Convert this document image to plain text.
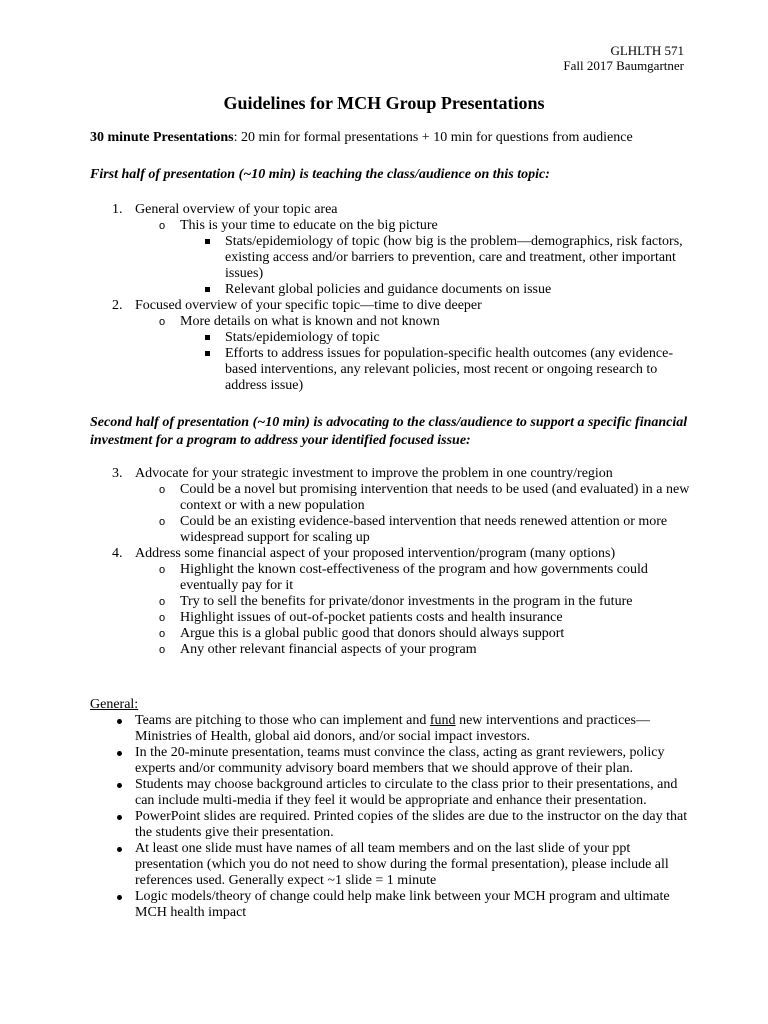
GLHLTH 571
Fall 2017 Baumgartner
Guidelines for MCH Group Presentations
30 minute Presentations: 20 min for formal presentations + 10 min for questions from audience
First half of presentation (~10 min) is teaching the class/audience on this topic:
1. General overview of your topic area
o This is your time to educate on the big picture
Stats/epidemiology of topic (how big is the problem—demographics, risk factors, existing access and/or barriers to prevention, care and treatment, other important issues)
Relevant global policies and guidance documents on issue
2. Focused overview of your specific topic—time to dive deeper
o More details on what is known and not known
Stats/epidemiology of topic
Efforts to address issues for population-specific health outcomes (any evidence-based interventions, any relevant policies, most recent or ongoing research to address issue)
Second half of presentation (~10 min) is advocating to the class/audience to support a specific financial investment for a program to address your identified focused issue:
3. Advocate for your strategic investment to improve the problem in one country/region
o Could be a novel but promising intervention that needs to be used (and evaluated) in a new context or with a new population
o Could be an existing evidence-based intervention that needs renewed attention or more widespread support for scaling up
4. Address some financial aspect of your proposed intervention/program (many options)
o Highlight the known cost-effectiveness of the program and how governments could eventually pay for it
o Try to sell the benefits for private/donor investments in the program in the future
o Highlight issues of out-of-pocket patients costs and health insurance
o Argue this is a global public good that donors should always support
o Any other relevant financial aspects of your program
General:
Teams are pitching to those who can implement and fund new interventions and practices—Ministries of Health, global aid donors, and/or social impact investors.
In the 20-minute presentation, teams must convince the class, acting as grant reviewers, policy experts and/or community advisory board members that we should approve of their plan.
Students may choose background articles to circulate to the class prior to their presentations, and can include multi-media if they feel it would be appropriate and enhance their presentation.
PowerPoint slides are required. Printed copies of the slides are due to the instructor on the day that the students give their presentation.
At least one slide must have names of all team members and on the last slide of your ppt presentation (which you do not need to show during the formal presentation), please include all references used. Generally expect ~1 slide = 1 minute
Logic models/theory of change could help make link between your MCH program and ultimate MCH health impact
